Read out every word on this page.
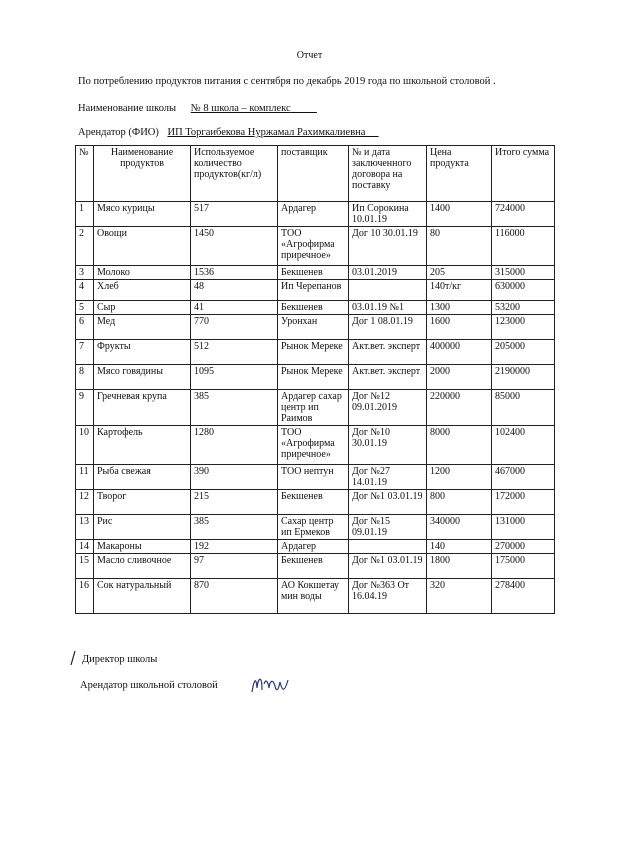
Отчет
По потреблению продуктов питания с сентября по декабрь 2019 года по школьной столовой .
Наименование школы № 8 школа – комплекс
Арендатор (ФИО) ИП Торгаибекова Нуржамал Рахимкалиевна
№	Наименование продуктов	Используемое количество продуктов(кг/л)	поставщик	№ и дата заключенного договора на поставку	Цена продукта	Итого сумма
1	Мясо курицы	517	Ардагер	Ип Сорокина 10.01.19	1400	724000
2	Овощи	1450	ТОО «Агрофирма приречное»	Дог 10 30.01.19	80	116000
3	Молоко	1536	Бекшенев	03.01.2019	205	315000
4	Хлеб	48	Ип Черепанов		140т/кг	630000
5	Сыр	41	Бекшенев	03.01.19 №1	1300	53200
6	Мед	770	Уронхан	Дог 1 08.01.19	1600	123000
7	Фрукты	512	Рынок Мереке	Акт.вет. эксперт	400000	205000
8	Мясо говядины	1095	Рынок Мереке	Акт.вет. эксперт	2000	2190000
9	Гречневая крупа	385	Ардагер сахар центр ип Раимов	Дог №12 09.01.2019	220000	85000
10	Картофель	1280	ТОО «Агрофирма приречное»	Дог №10 30.01.19	8000	102400
11	Рыба свежая	390	ТОО нептун	Дог №27 14.01.19	1200	467000
12	Творог	215	Бекшенев	Дог №1 03.01.19	800	172000
13	Рис	385	Сахар центр ип Ермеков	Дог №15 09.01.19	340000	131000
14	Макароны	192	Ардагер		140	270000
15	Масло сливочное	97	Бекшенев	Дог №1 03.01.19	1800	175000
16	Сок натуральный	870	АО Кокшетау мин воды	Дог №363 От 16.04.19	320	278400
Директор школы
Арендатор школьной столовой
